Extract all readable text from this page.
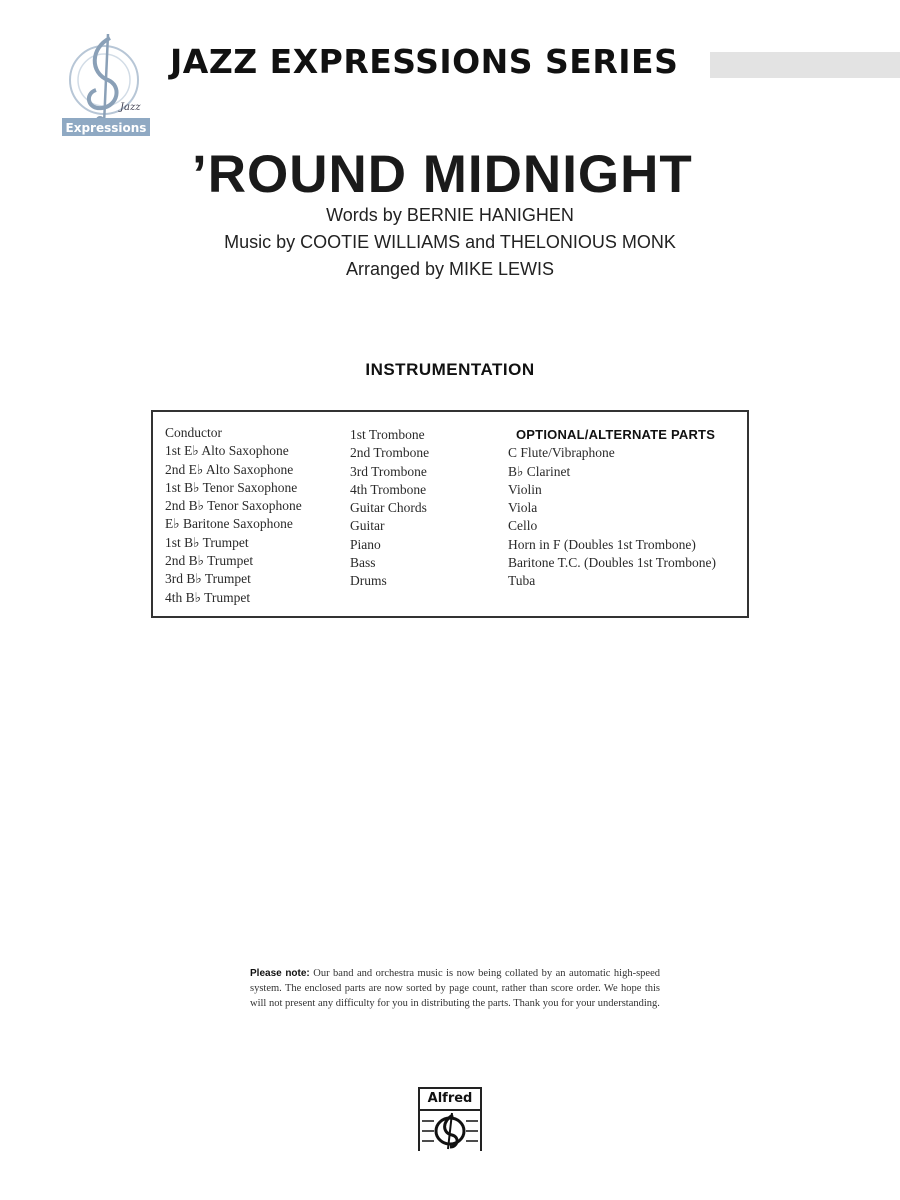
Jazz
Expressions
JAZZ EXPRESSIONS SERIES
’ROUND MIDNIGHT
Words by BERNIE HANIGHEN
Music by COOTIE WILLIAMS and THELONIOUS MONK
Arranged by MIKE LEWIS
INSTRUMENTATION
Conductor
1st E♭ Alto Saxophone
2nd E♭ Alto Saxophone
1st B♭ Tenor Saxophone
2nd B♭ Tenor Saxophone
E♭ Baritone Saxophone
1st B♭ Trumpet
2nd B♭ Trumpet
3rd B♭ Trumpet
4th B♭ Trumpet
1st Trombone
2nd Trombone
3rd Trombone
4th Trombone
Guitar Chords
Guitar
Piano
Bass
Drums
OPTIONAL/ALTERNATE PARTS
C Flute/Vibraphone
B♭ Clarinet
Violin
Viola
Cello
Horn in F (Doubles 1st Trombone)
Baritone T.C. (Doubles 1st Trombone)
Tuba
Please note: Our band and orchestra music is now being collated by an automatic high-speed system. The enclosed parts are now sorted by page count, rather than score order. We hope this will not present any difficulty for you in distributing the parts. Thank you for your understanding.
Alfred
